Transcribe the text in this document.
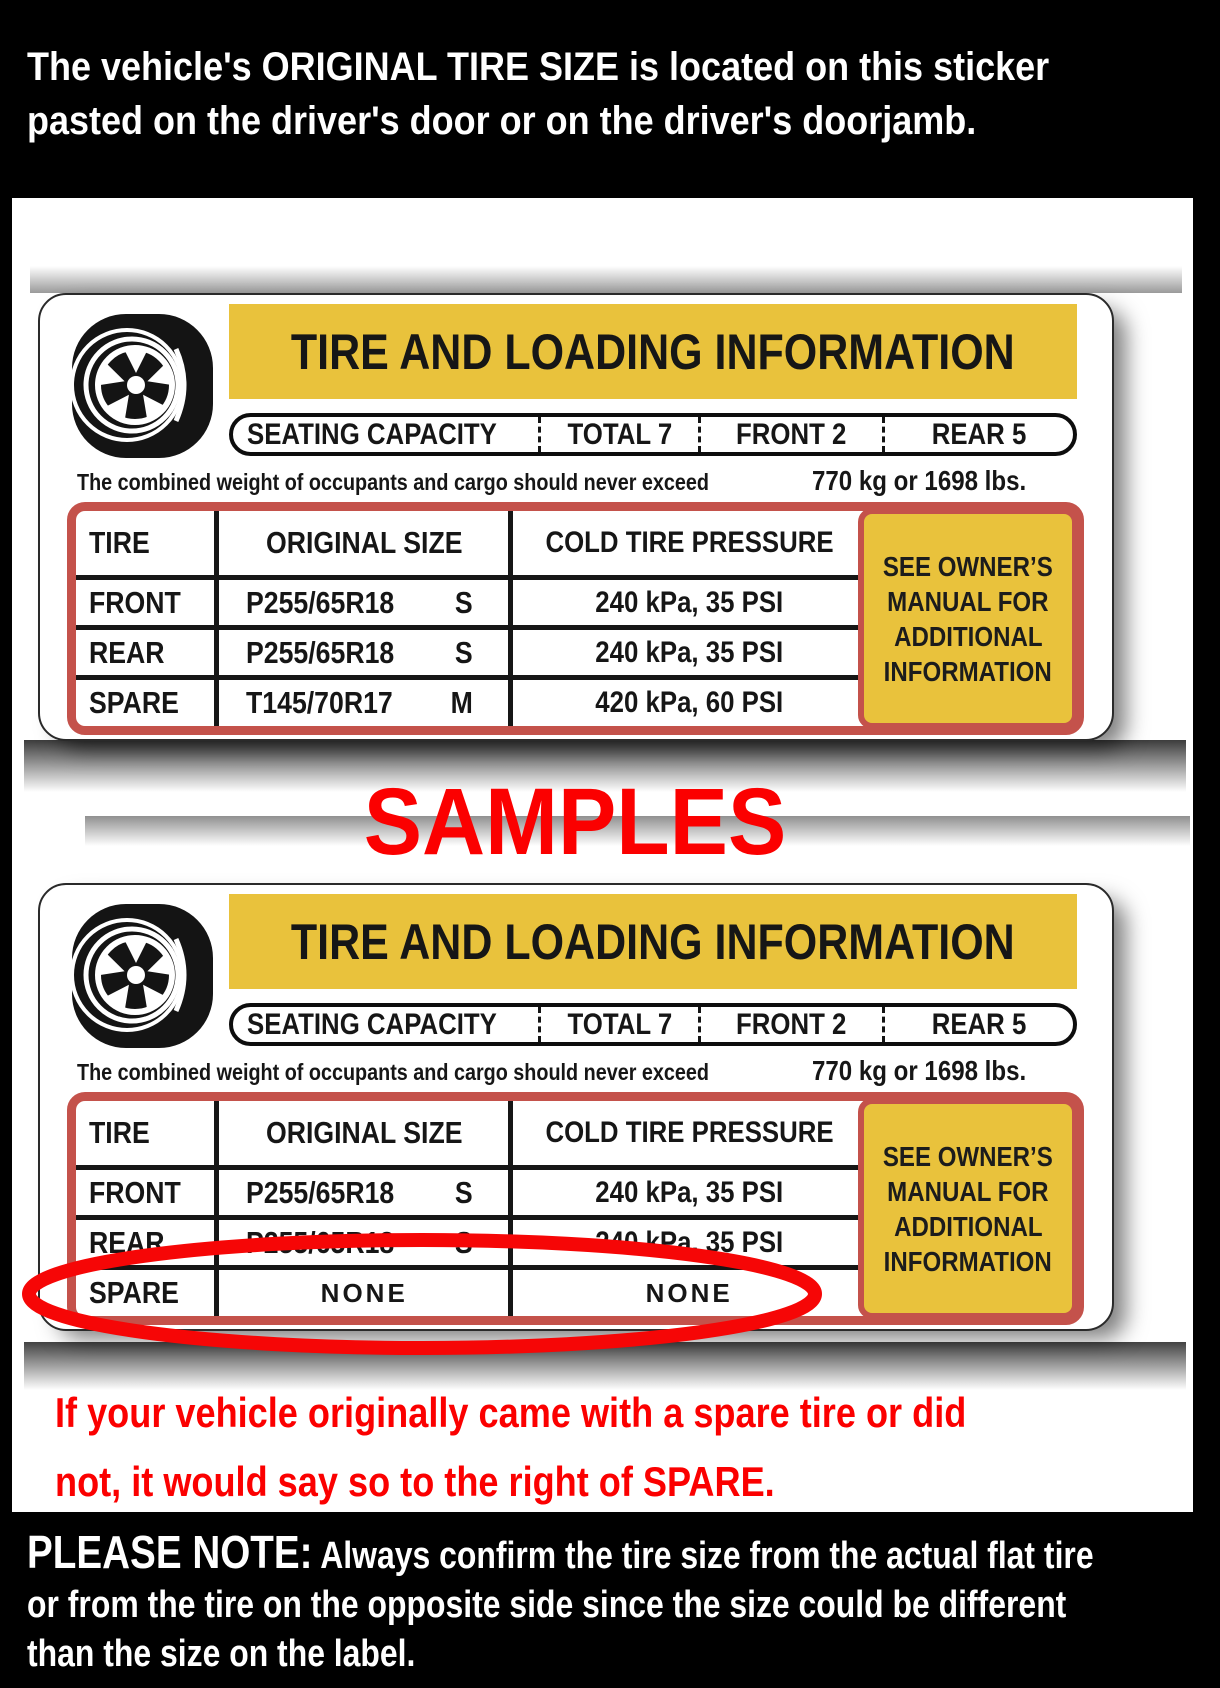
The vehicle's ORIGINAL TIRE SIZE is located on this sticker
pasted on the driver's door or on the driver's doorjamb.
TIRE AND LOADING INFORMATION
SEATING CAPACITY TOTAL 7 FRONT 2	REAR 5
The combined weight of occupants and cargo should never exceed	770 kg or 1698 lbs.
TIRE	ORIGINAL SIZE	COLD TIRE PRESSURE
FRONT	P255/65R18 S	240 kPa, 35 PSI
REAR	P255/65R18 S	240 kPa, 35 PSI
SPARE	T145/70R17 M	420 kPa, 60 PSI
SEE OWNER’S
MANUAL FOR
ADDITIONAL
INFORMATION
SAMPLES
TIRE AND LOADING INFORMATION
SEATING CAPACITY TOTAL 7 FRONT 2	REAR 5
The combined weight of occupants and cargo should never exceed	770 kg or 1698 lbs.
TIRE	ORIGINAL SIZE	COLD TIRE PRESSURE
FRONT	P255/65R18 S	240 kPa, 35 PSI
REAR	P255/65R18 S	240 kPa, 35 PSI
SPARE	NONE	NONE
SEE OWNER’S
MANUAL FOR
ADDITIONAL
INFORMATION
If your vehicle originally came with a spare tire or did
not, it would say so to the right of SPARE.
PLEASE NOTE: Always confirm the tire size from the actual flat tire
or from the tire on the opposite side since the size could be different
than the size on the label.
